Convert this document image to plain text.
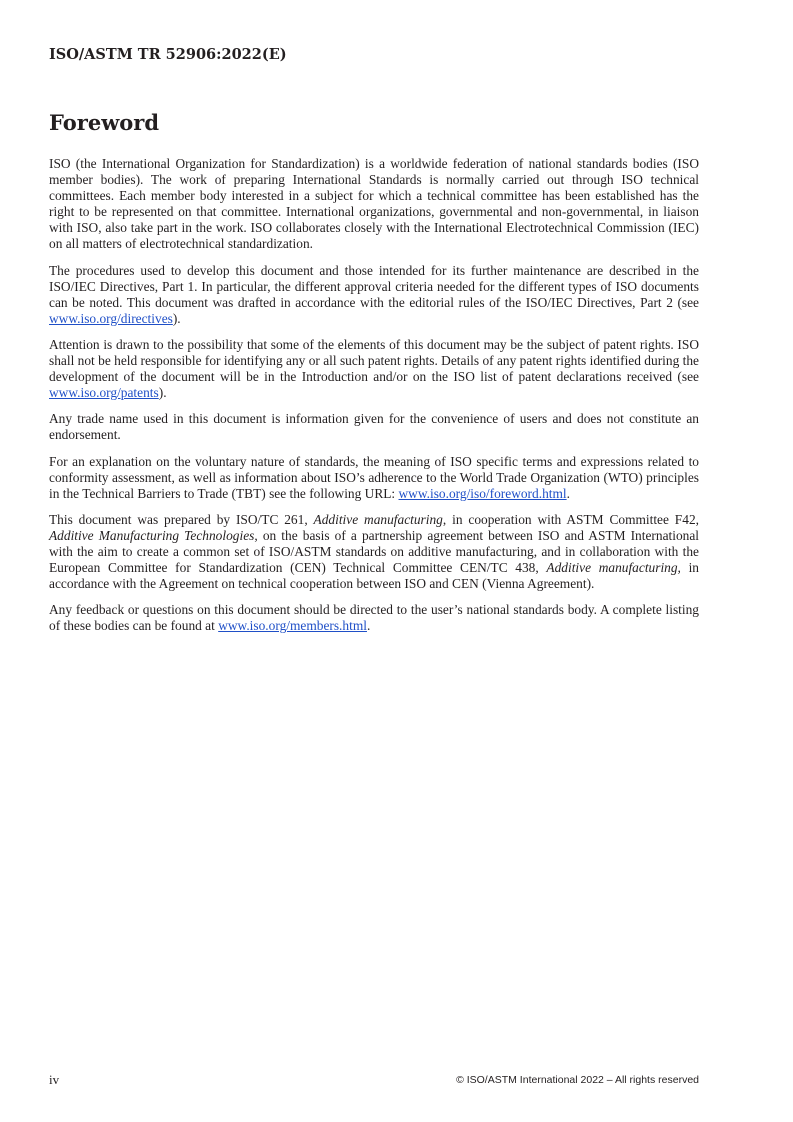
ISO/ASTM TR 52906:2022(E)
Foreword

ISO (the International Organization for Standardization) is a worldwide federation of national standards bodies (ISO member bodies). The work of preparing International Standards is normally carried out through ISO technical committees. Each member body interested in a subject for which a technical committee has been established has the right to be represented on that committee. International organizations, governmental and non-governmental, in liaison with ISO, also take part in the work. ISO collaborates closely with the International Electrotechnical Commission (IEC) on all matters of electrotechnical standardization.

The procedures used to develop this document and those intended for its further maintenance are described in the ISO/IEC Directives, Part 1. In particular, the different approval criteria needed for the different types of ISO documents can be noted. This document was drafted in accordance with the editorial rules of the ISO/IEC Directives, Part 2 (see www.iso.org/directives).

Attention is drawn to the possibility that some of the elements of this document may be the subject of patent rights. ISO shall not be held responsible for identifying any or all such patent rights. Details of any patent rights identified during the development of the document will be in the Introduction and/or on the ISO list of patent declarations received (see www.iso.org/patents).

Any trade name used in this document is information given for the convenience of users and does not constitute an endorsement.

For an explanation on the voluntary nature of standards, the meaning of ISO specific terms and expressions related to conformity assessment, as well as information about ISO’s adherence to the World Trade Organization (WTO) principles in the Technical Barriers to Trade (TBT) see the following URL: www.iso.org/iso/foreword.html.

This document was prepared by ISO/TC 261, Additive manufacturing, in cooperation with ASTM Committee F42, Additive Manufacturing Technologies, on the basis of a partnership agreement between ISO and ASTM International with the aim to create a common set of ISO/ASTM standards on additive manufacturing, and in collaboration with the European Committee for Standardization (CEN) Technical Committee CEN/TC 438, Additive manufacturing, in accordance with the Agreement on technical cooperation between ISO and CEN (Vienna Agreement).

Any feedback or questions on this document should be directed to the user’s national standards body. A complete listing of these bodies can be found at www.iso.org/members.html.

iv	© ISO/ASTM International 2022 – All rights reserved
